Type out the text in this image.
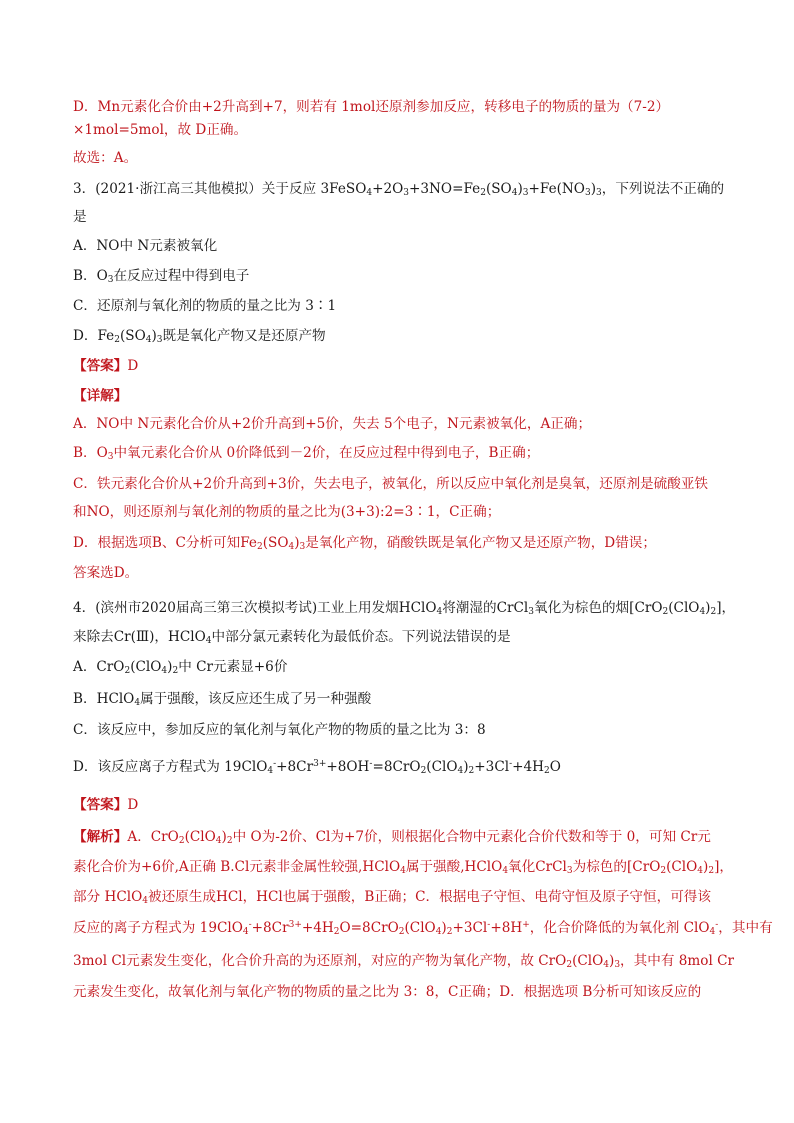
D．Mn元素化合价由+2升高到+7，则若有 1mol还原剂参加反应，转移电子的物质的量为（7-2）
×1mol=5mol，故 D正确。
故选：A。
3．(2021·浙江高三其他模拟）关于反应 $3FeSO_4+2O_3+3NO=Fe_2(SO_4)_3+Fe(NO_3)_3$，下列说法不正确的
是
A．NO中 N元素被氧化
B．$O_3$在反应过程中得到电子
C．还原剂与氧化剂的物质的量之比为 3∶1
D．$Fe_2(SO_4)_3$既是氧化产物又是还原产物
【答案】D
【详解】
A．NO中 N元素化合价从+2价升高到+5价，失去 5个电子，N元素被氧化，A正确；
B．$O_3$中氧元素化合价从 0价降低到－2价，在反应过程中得到电子，B正确；
C．铁元素化合价从+2价升高到+3价，失去电子，被氧化，所以反应中氧化剂是臭氧，还原剂是硫酸亚铁
和NO，则还原剂与氧化剂的物质的量之比为(3+3):2=3∶1，C正确；
D．根据选项B、C分析可知$Fe_2(SO_4)_3$是氧化产物，硝酸铁既是氧化产物又是还原产物，D错误；
答案选D。
4．(滨州市2020届高三第三次模拟考试)工业上用发烟HClO$_4$将潮湿的CrCl$_3$氧化为棕色的烟$[CrO_2(ClO_4)_2]$，
来除去Cr(Ⅲ)，HClO$_4$中部分氯元素转化为最低价态。下列说法错误的是
A．$CrO_2(ClO_4)_2$中 Cr元素显+6价
B．HClO$_4$属于强酸，该反应还生成了另一种强酸
C．该反应中，参加反应的氧化剂与氧化产物的物质的量之比为 3：8
D．该反应离子方程式为 $19ClO_4^-+8Cr^{3+}+8OH^-=8CrO_2(ClO_4)_2+3Cl^-+4H_2O$
【答案】D
【解析】A．$CrO_2(ClO_4)_2$中 O为-2价、Cl为+7价，则根据化合物中元素化合价代数和等于 0，可知 Cr元
素化合价为+6价,A正确 B.Cl元素非金属性较强,HClO$_4$属于强酸,HClO$_4$氧化CrCl$_3$为棕色的$[CrO_2(ClO_4)_2]$，
部分 HClO$_4$被还原生成HCl，HCl也属于强酸，B正确；C．根据电子守恒、电荷守恒及原子守恒，可得该
反应的离子方程式为 $19ClO_4^-+8Cr^{3+}+4H_2O=8CrO_2(ClO_4)_2+3Cl^-+8H^+$，化合价降低的为氧化剂 ClO$_4$-，其中有
3mol Cl元素发生变化，化合价升高的为还原剂，对应的产物为氧化产物，故 $CrO_2(ClO_4)_3$，其中有 8mol Cr
元素发生变化，故氧化剂与氧化产物的物质的量之比为 3：8，C正确；D．根据选项 B分析可知该反应的
